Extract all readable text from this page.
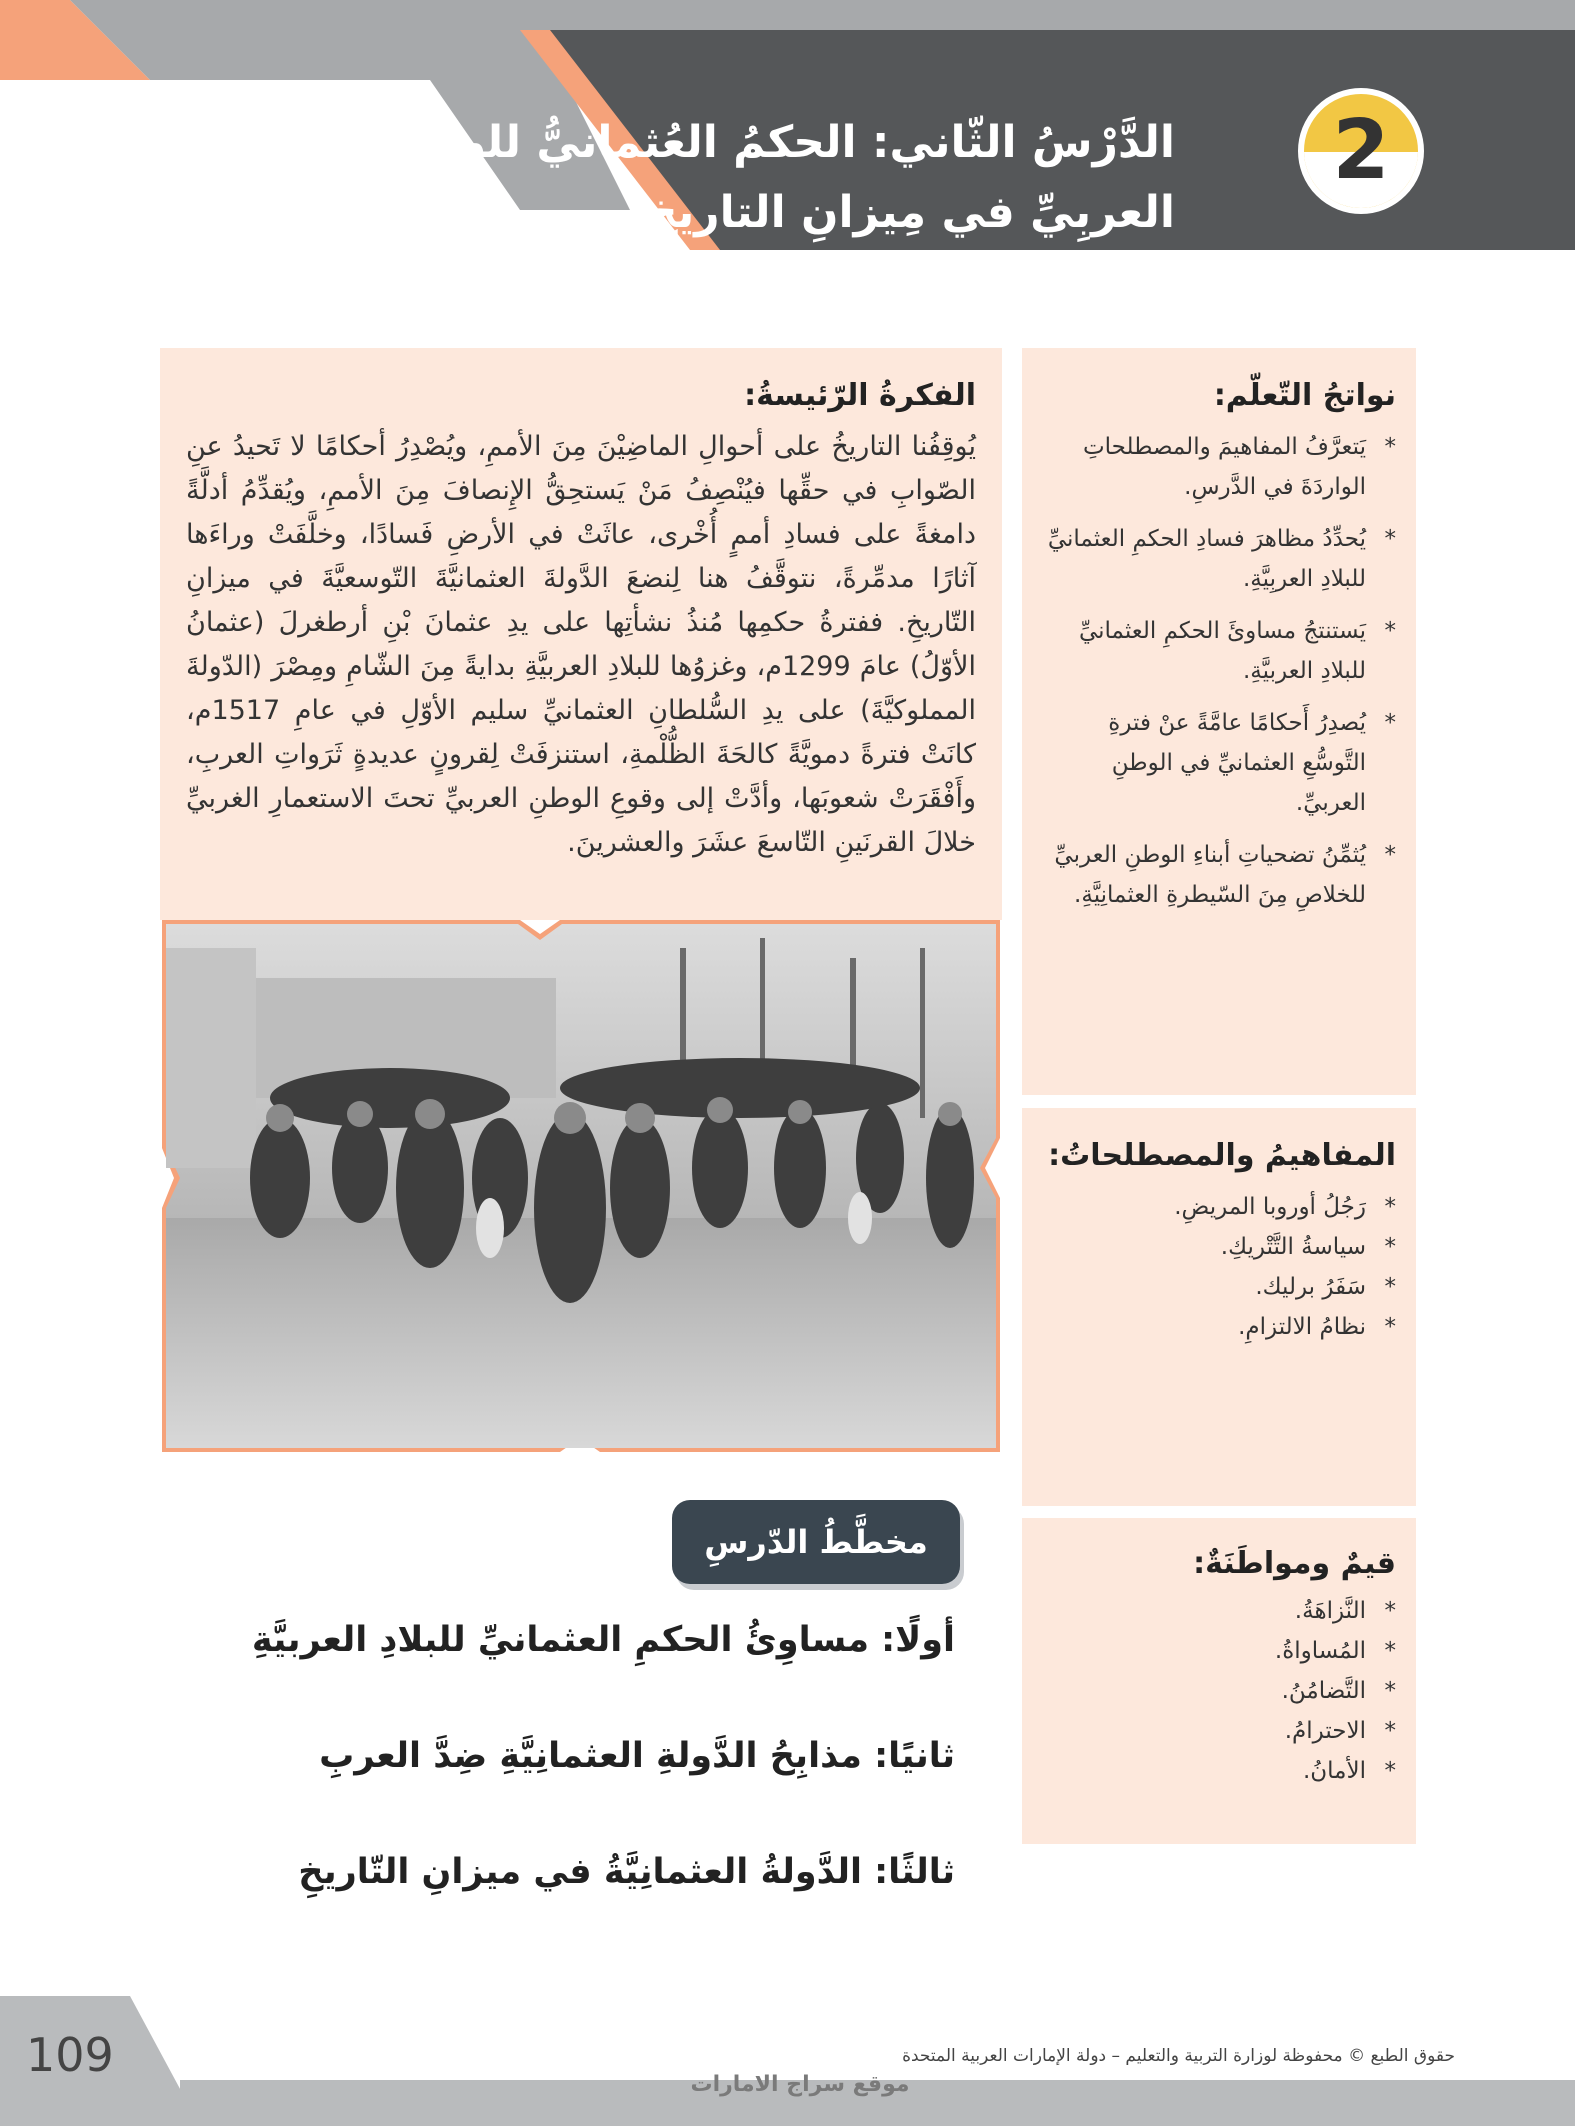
الدَّرْسُ الثّاني: الحكمُ العُثمانيُّ للوطن
العربِيِّ في مِيزانِ التاريخِ
2
نواتجُ التّعلّم:
*
يَتعرَّفُ المفاهيمَ والمصطلحاتِ الواردَةَ في الدَّرسِ.
*
يُحدِّدُ مظاهرَ فسادِ الحكمِ العثمانيِّ للبلادِ العربِيَّةِ.
*
يَستنتجُ مساوئَ الحكمِ العثمانيِّ للبلادِ العربيَّةِ.
*
يُصدِرُ أَحكامًا عامَّةً عنْ فترةِ التَّوسُّعِ العثمانيِّ في الوطنِ العربيِّ.
*
يُثمِّنُ تضحياتِ أبناءِ الوطنِ العربيِّ للخلاصِ مِنَ السّيطرةِ العثمانِيَّةِ.
المفاهيمُ والمصطلحاتُ:
*
رَجُلُ أوروبا المريضِ.
*
سياسةُ التَّتْريكِ.
*
سَفَرُ برليك.
*
نظامُ الالتزامِ.
قيمٌ ومواطَنَةٌ:
*
النَّزاهَةُ.
*
المُساواةُ.
*
التَّضامُنُ.
*
الاحترامُ.
*
الأمانُ.
الفكرةُ الرّئيسةُ:

يُوقِفُنا التاريخُ على أحوالِ الماضِيْنَ مِنَ الأممِ، ويُصْدِرُ أحكامًا لا تَحيدُ عنِ الصّوابِ في حقِّها فيُنْصِفُ مَنْ يَستحِقُّ الإِنصافَ مِنَ الأممِ، ويُقدِّمُ أدلَّةً دامغةً على فسادِ أممٍ أُخْرى، عاثَتْ في الأرضِ فَسادًا، وخلَّفَتْ وراءَها آثارًا مدمِّرةً، نتوقَّفُ هنا لِنضعَ الدَّولةَ العثمانيَّةَ التّوسعيَّةَ في ميزانِ التّاريخِ. ففترةُ حكمِها مُنذُ نشأتِها على يدِ عثمانَ بْنِ أرطغرلَ (عثمانُ الأوّلُ) عامَ 1299م، وغزوُها للبلادِ العربيَّةِ بدايةً مِنَ الشّامِ ومِصْرَ (الدّولةَ المملوكيَّةَ) على يدِ السُّلطانِ العثمانيِّ سليم الأوّلِ في عامِ 1517م، كانَتْ فترةً دمويَّةً كالحَةَ الظُّلْمةِ، استنزفَتْ لِقرونٍ عديدةٍ ثَرَواتِ العربِ، وأَفْقَرَتْ شعوبَها، وأدَّتْ إلى وقوعِ الوطنِ العربيِّ تحتَ الاستعمارِ الغربيِّ خلالَ القرنَينِ التّاسعَ عشَرَ والعشرينَ.

مخطَّطُ الدّرسِ
أولًا: مساوِئُ الحكمِ العثمانيِّ للبلادِ العربيَّةِ
ثانيًا: مذابِحُ الدَّولةِ العثمانِيَّةِ ضِدَّ العربِ
ثالثًا: الدَّولةُ العثمانِيَّةُ في ميزانِ التّاريخِ
109	حقوق الطبع © محفوظة لوزارة التربية والتعليم – دولة الإمارات العربية المتحدة
موقع سراج الامارات
